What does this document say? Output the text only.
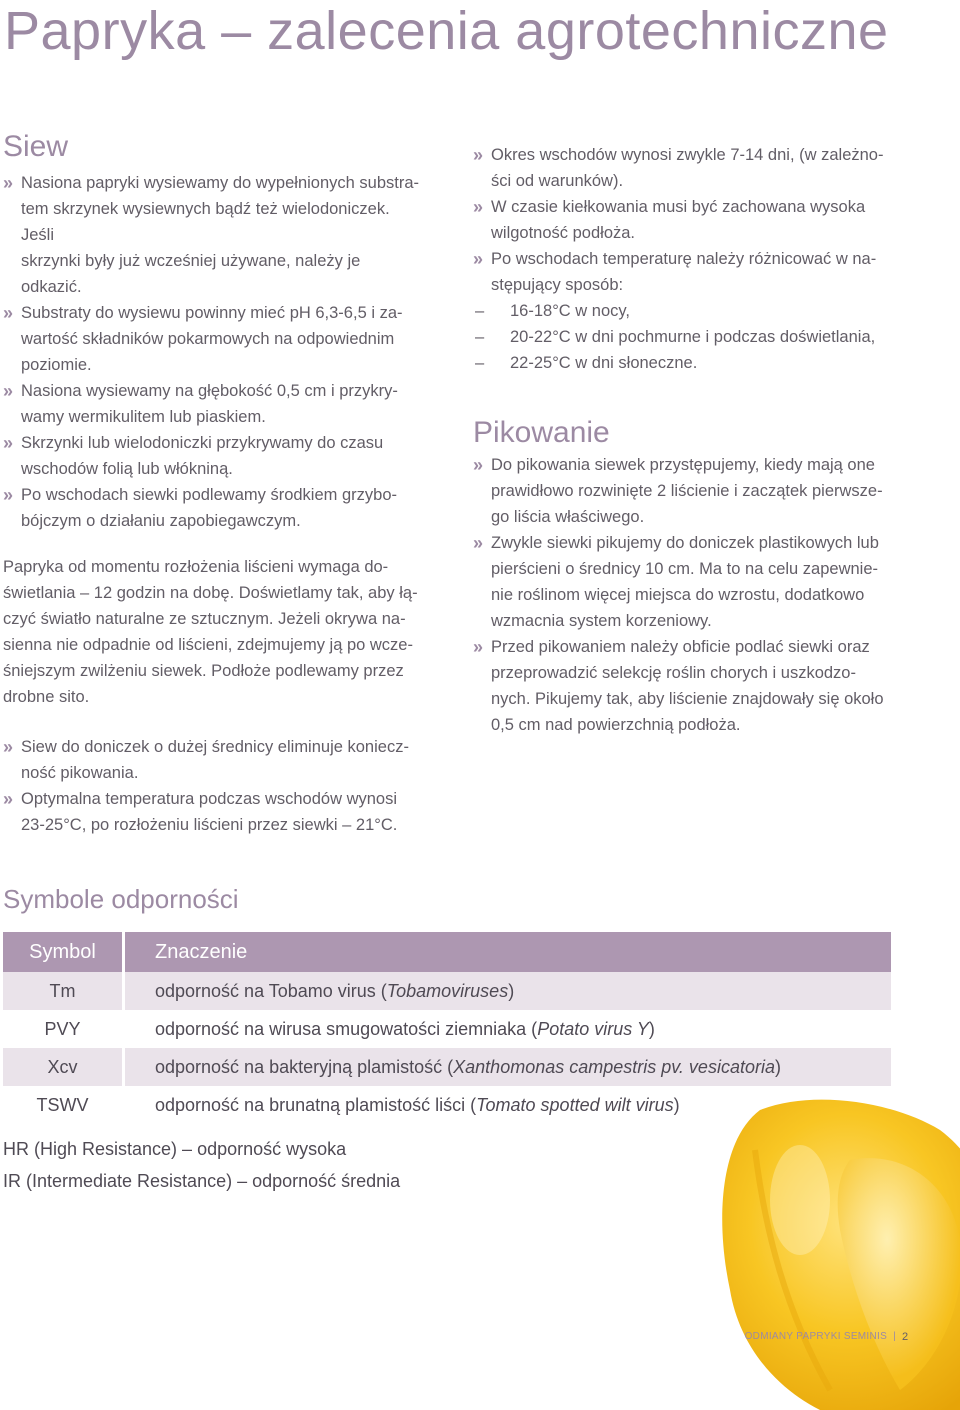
Papryka – zalecenia agrotechniczne
Siew
» Nasiona papryki wysiewamy do wypełnionych substra-
tem skrzynek wysiewnych bądź też wielodoniczek. Jeśli
skrzynki były już wcześniej używane, należy je odkazić.
» Substraty do wysiewu powinny mieć pH 6,3-6,5 i za-
wartość składników pokarmowych na odpowiednim
poziomie.
» Nasiona wysiewamy na głębokość 0,5 cm i przykry-
wamy wermikulitem lub piaskiem.
» Skrzynki lub wielodoniczki przykrywamy do czasu
wschodów folią lub włókniną.
» Po wschodach siewki podlewamy środkiem grzybo-
bójczym o działaniu zapobiegawczym.
Papryka od momentu rozłożenia liścieni wymaga do-
świetlania – 12 godzin na dobę. Doświetlamy tak, aby łą-
czyć światło naturalne ze sztucznym. Jeżeli okrywa na-
sienna nie odpadnie od liścieni, zdejmujemy ją po wcze-
śniejszym zwilżeniu siewek. Podłoże podlewamy przez
drobne sito.
» Siew do doniczek o dużej średnicy eliminuje koniecz-
ność pikowania.
» Optymalna temperatura podczas wschodów wynosi
23-25°C, po rozłożeniu liścieni przez siewki – 21°C.
» Okres wschodów wynosi zwykle 7-14 dni, (w zależno-
ści od warunków).
» W czasie kiełkowania musi być zachowana wysoka
wilgotność podłoża.
» Po wschodach temperaturę należy różnicować w na-
stępujący sposób:
– 16-18°C w nocy,
– 20-22°C w dni pochmurne i podczas doświetlania,
– 22-25°C w dni słoneczne.
Pikowanie
» Do pikowania siewek przystępujemy, kiedy mają one
prawidłowo rozwinięte 2 liścienie i zaczątek pierwsze-
go liścia właściwego.
» Zwykle siewki pikujemy do doniczek plastikowych lub
pierścieni o średnicy 10 cm. Ma to na celu zapewnie-
nie roślinom więcej miejsca do wzrostu, dodatkowo
wzmacnia system korzeniowy.
» Przed pikowaniem należy obficie podlać siewki oraz
przeprowadzić selekcję roślin chorych i uszkodzo-
nych. Pikujemy tak, aby liścienie znajdowały się około
0,5 cm nad powierzchnią podłoża.
Symbole odporności
Symbol	Znaczenie
Tm	odporność na Tobamo virus (Tobamoviruses)
PVY	odporność na wirusa smugowatości ziemniaka (Potato virus Y)
Xcv	odporność na bakteryjną plamistość (Xanthomonas campestris pv. vesicatoria)
TSWV	odporność na brunatną plamistość liści (Tomato spotted wilt virus)
HR (High Resistance) – odporność wysoka
IR (Intermediate Resistance) – odporność średnia
ODMIANY PAPRYKI SEMINIS | 2
